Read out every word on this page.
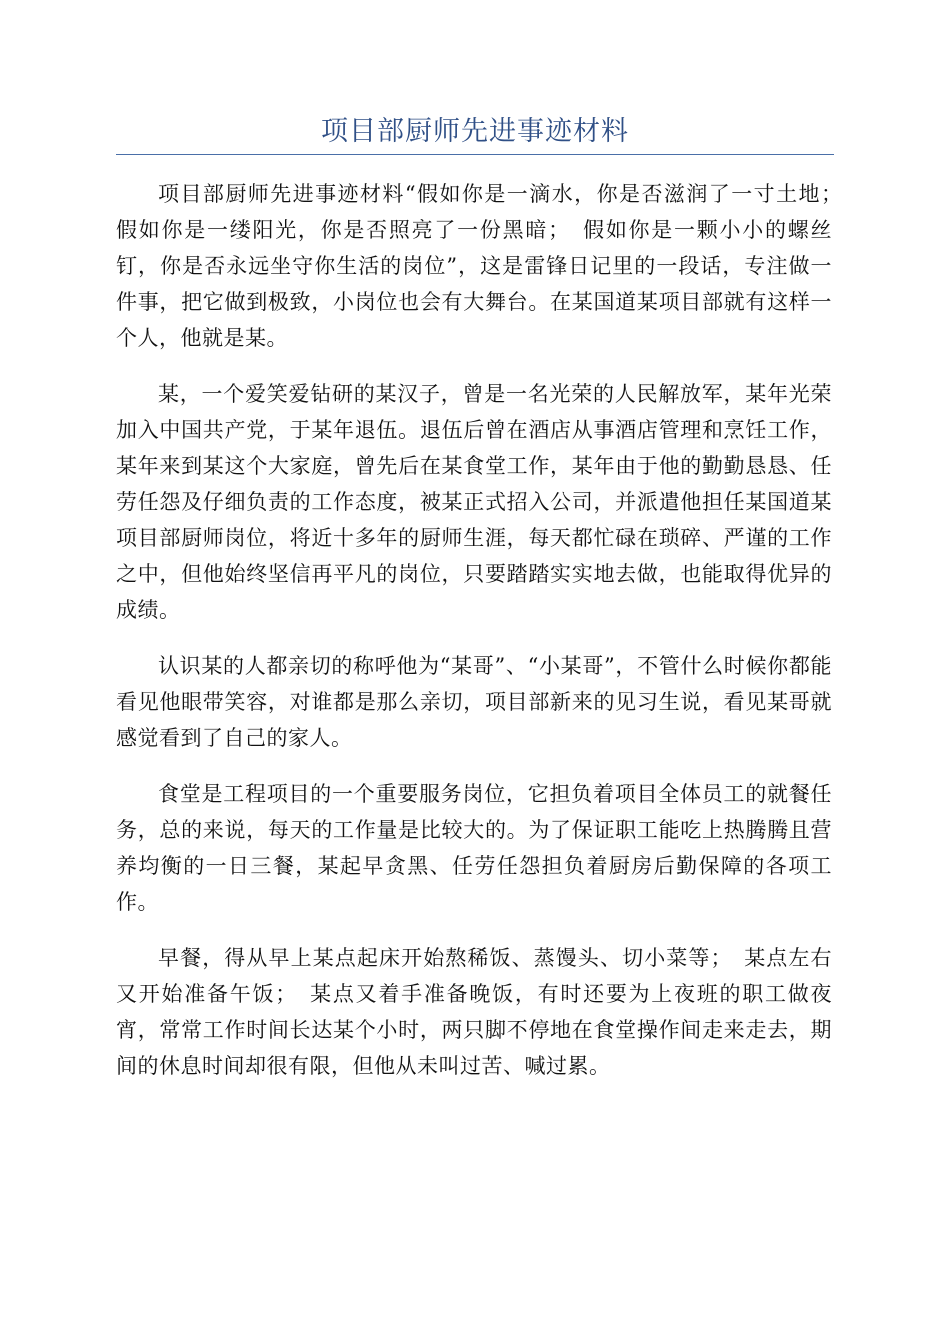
项目部厨师先进事迹材料

项目部厨师先进事迹材料“假如你是一滴水，你是否滋润了一寸土地；　假如你是一缕阳光，你是否照亮了一份黑暗；　假如你是一颗小小的螺丝钉，你是否永远坐守你生活的岗位”，这是雷锋日记里的一段话，专注做一件事，把它做到极致，小岗位也会有大舞台。在某国道某项目部就有这样一个人，他就是某。

某，一个爱笑爱钻研的某汉子，曾是一名光荣的人民解放军，某年光荣加入中国共产党，于某年退伍。退伍后曾在酒店从事酒店管理和烹饪工作，某年来到某这个大家庭，曾先后在某食堂工作，某年由于他的勤勤恳恳、任劳任怨及仔细负责的工作态度，被某正式招入公司，并派遣他担任某国道某项目部厨师岗位，将近十多年的厨师生涯，每天都忙碌在琐碎、严谨的工作之中，但他始终坚信再平凡的岗位，只要踏踏实实地去做，也能取得优异的成绩。

认识某的人都亲切的称呼他为“某哥”、“小某哥”，不管什么时候你都能看见他眼带笑容，对谁都是那么亲切，项目部新来的见习生说，看见某哥就感觉看到了自己的家人。

食堂是工程项目的一个重要服务岗位，它担负着项目全体员工的就餐任务，总的来说，每天的工作量是比较大的。为了保证职工能吃上热腾腾且营养均衡的一日三餐，某起早贪黑、任劳任怨担负着厨房后勤保障的各项工作。

早餐，得从早上某点起床开始熬稀饭、蒸馒头、切小菜等；　某点左右又开始准备午饭；　某点又着手准备晚饭，有时还要为上夜班的职工做夜宵，常常工作时间长达某个小时，两只脚不停地在食堂操作间走来走去，期间的休息时间却很有限，但他从未叫过苦、喊过累。
